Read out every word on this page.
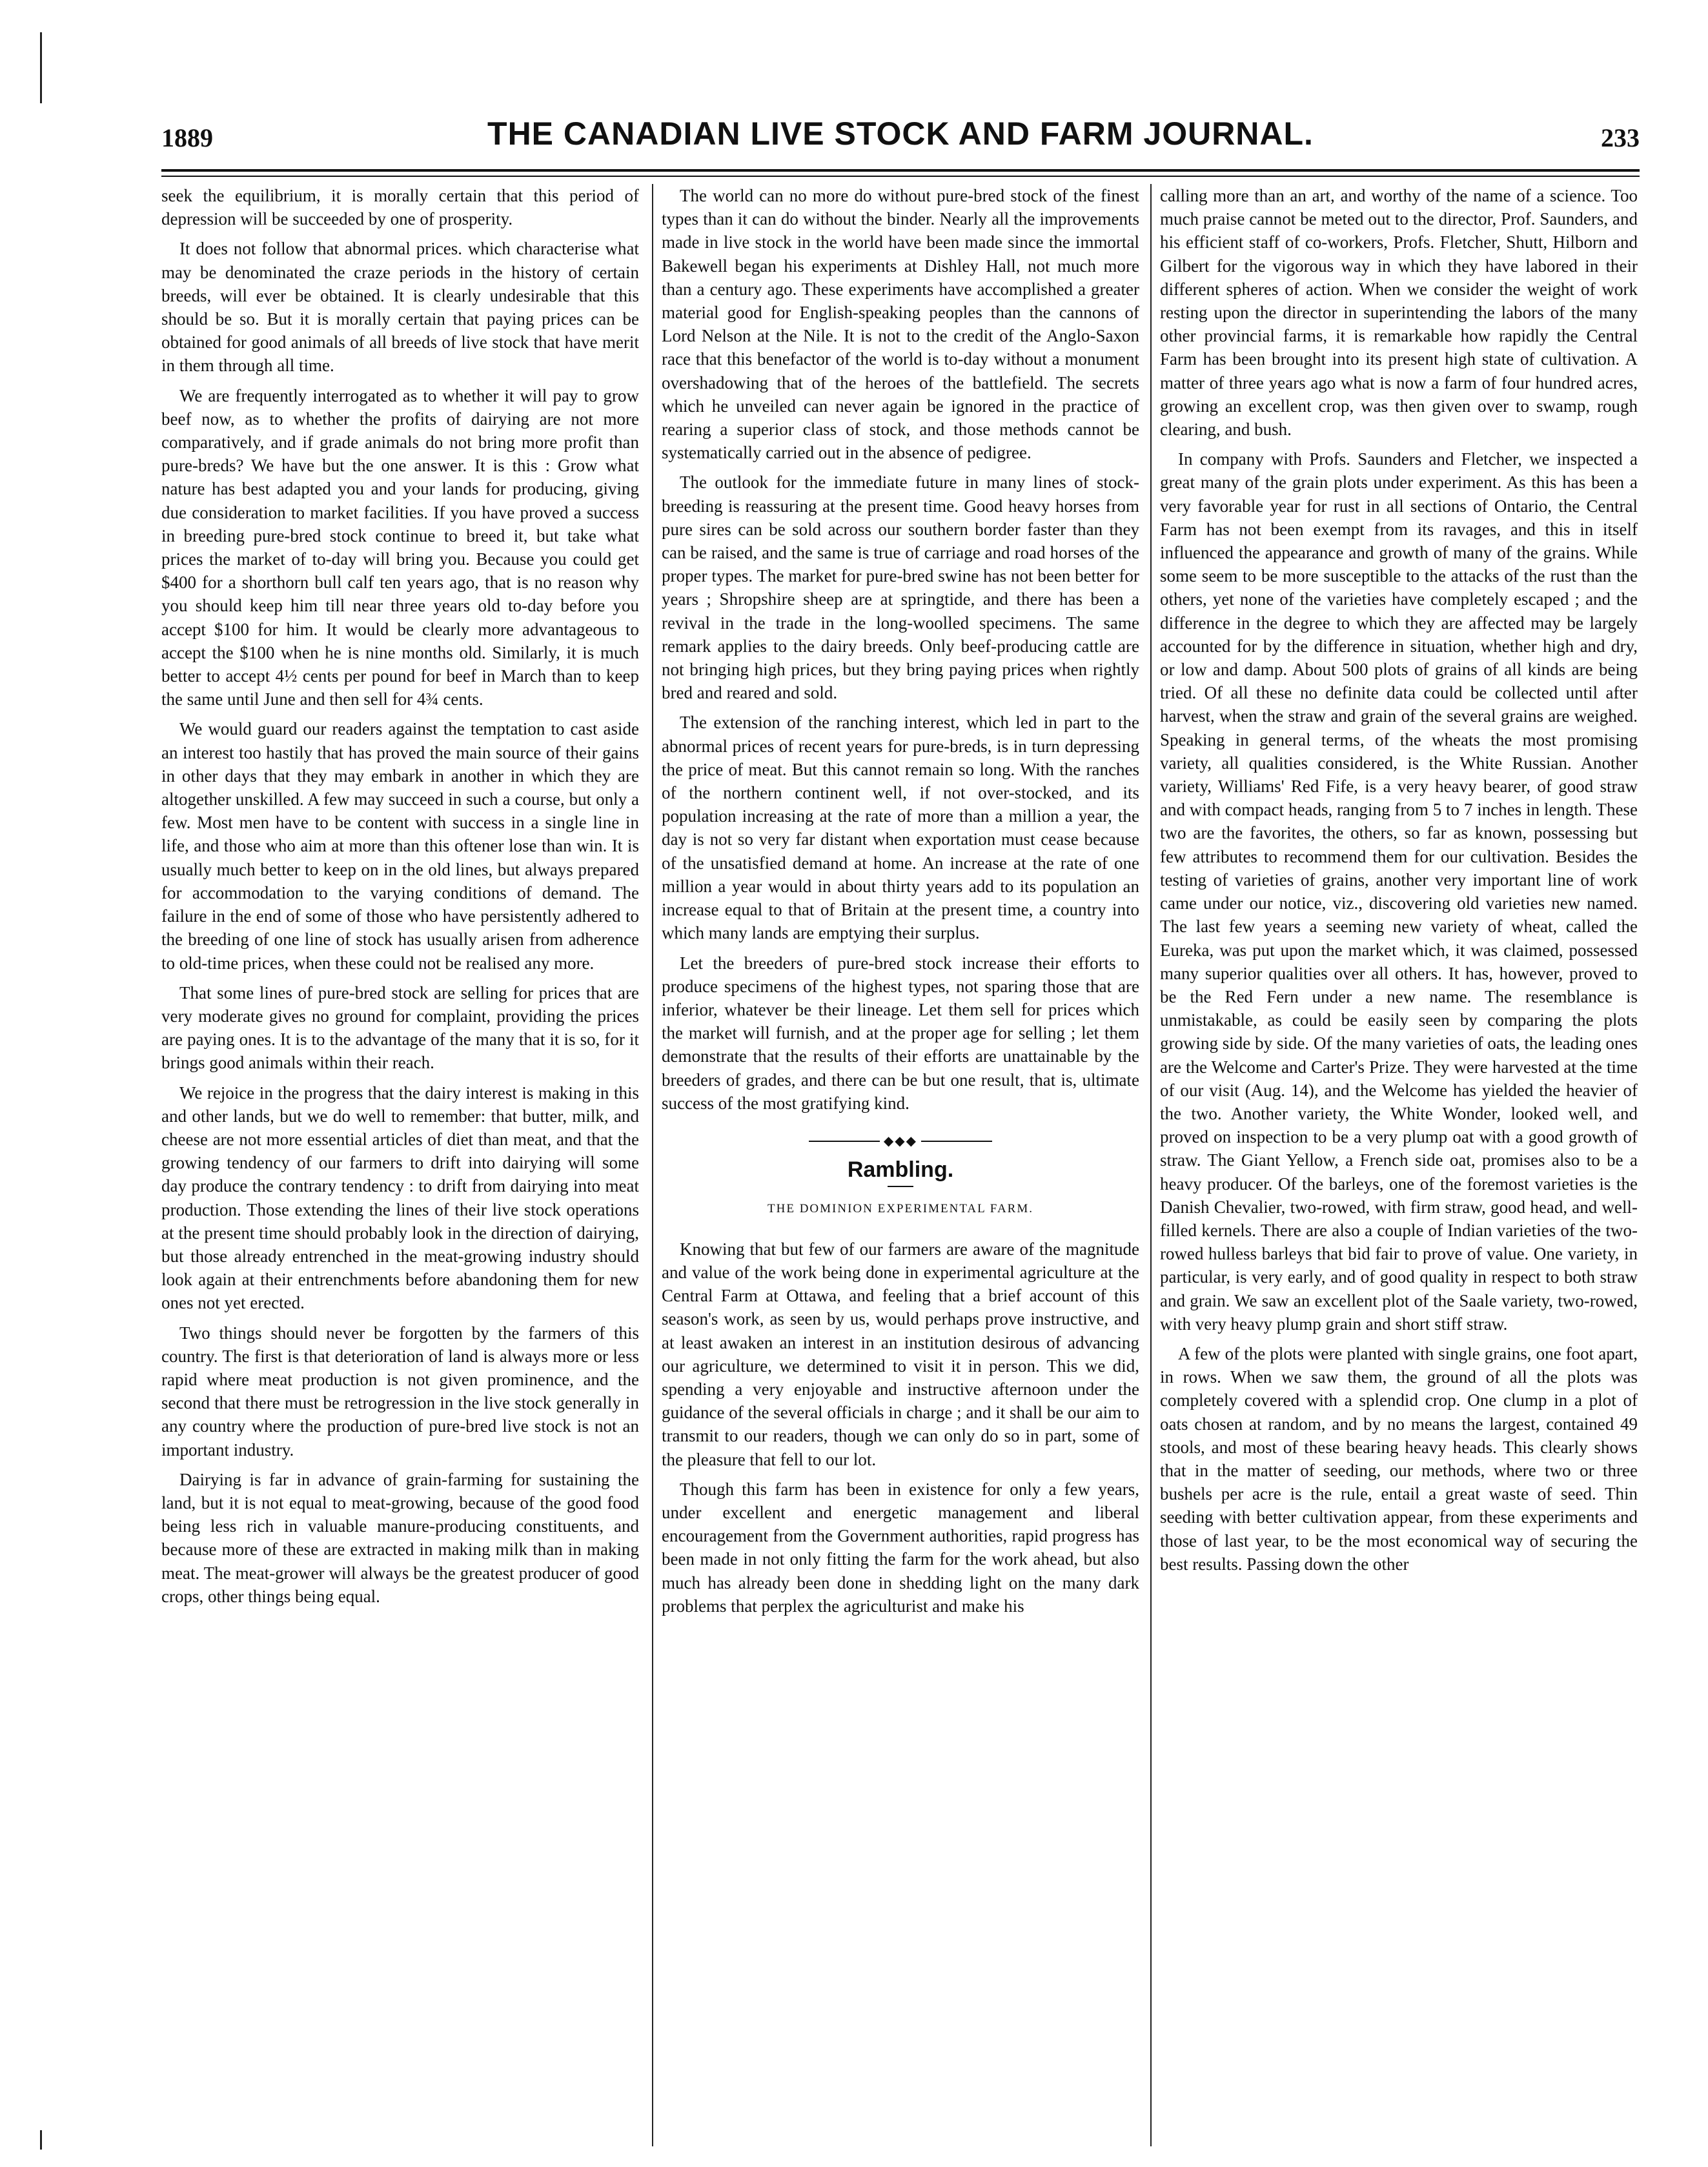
1889	THE CANADIAN LIVE STOCK AND FARM JOURNAL.	233

seek the equilibrium, it is morally certain that this period of depression will be succeeded by one of prosperity.

It does not follow that abnormal prices. which characterise what may be denominated the craze periods in the history of certain breeds, will ever be obtained. It is clearly undesirable that this should be so. But it is morally certain that paying prices can be obtained for good animals of all breeds of live stock that have merit in them through all time.

We are frequently interrogated as to whether it will pay to grow beef now, as to whether the profits of dairying are not more comparatively, and if grade animals do not bring more profit than pure-breds? We have but the one answer. It is this : Grow what nature has best adapted you and your lands for producing, giving due consideration to market facilities. If you have proved a success in breeding pure-bred stock continue to breed it, but take what prices the market of to-day will bring you. Because you could get $400 for a shorthorn bull calf ten years ago, that is no reason why you should keep him till near three years old to-day before you accept $100 for him. It would be clearly more advantageous to accept the $100 when he is nine months old. Similarly, it is much better to accept 4½ cents per pound for beef in March than to keep the same until June and then sell for 4¾ cents.

We would guard our readers against the temptation to cast aside an interest too hastily that has proved the main source of their gains in other days that they may embark in another in which they are altogether unskilled. A few may succeed in such a course, but only a few. Most men have to be content with success in a single line in life, and those who aim at more than this oftener lose than win. It is usually much better to keep on in the old lines, but always prepared for accommodation to the varying conditions of demand. The failure in the end of some of those who have persistently adhered to the breeding of one line of stock has usually arisen from adherence to old-time prices, when these could not be realised any more.

That some lines of pure-bred stock are selling for prices that are very moderate gives no ground for complaint, providing the prices are paying ones. It is to the advantage of the many that it is so, for it brings good animals within their reach.

We rejoice in the progress that the dairy interest is making in this and other lands, but we do well to remember: that butter, milk, and cheese are not more essential articles of diet than meat, and that the growing tendency of our farmers to drift into dairying will some day produce the contrary tendency : to drift from dairying into meat production. Those extending the lines of their live stock operations at the present time should probably look in the direction of dairying, but those already entrenched in the meat-growing industry should look again at their entrenchments before abandoning them for new ones not yet erected.

Two things should never be forgotten by the farmers of this country. The first is that deterioration of land is always more or less rapid where meat production is not given prominence, and the second that there must be retrogression in the live stock generally in any country where the production of pure-bred live stock is not an important industry.

Dairying is far in advance of grain-farming for sustaining the land, but it is not equal to meat-growing, because of the good food being less rich in valuable manure-producing constituents, and because more of these are extracted in making milk than in making meat. The meat-grower will always be the greatest producer of good crops, other things being equal.

The world can no more do without pure-bred stock of the finest types than it can do without the binder. Nearly all the improvements made in live stock in the world have been made since the immortal Bakewell began his experiments at Dishley Hall, not much more than a century ago. These experiments have accomplished a greater material good for English-speaking peoples than the cannons of Lord Nelson at the Nile. It is not to the credit of the Anglo-Saxon race that this benefactor of the world is to-day without a monument overshadowing that of the heroes of the battlefield. The secrets which he unveiled can never again be ignored in the practice of rearing a superior class of stock, and those methods cannot be systematically carried out in the absence of pedigree.

The outlook for the immediate future in many lines of stock-breeding is reassuring at the present time. Good heavy horses from pure sires can be sold across our southern border faster than they can be raised, and the same is true of carriage and road horses of the proper types. The market for pure-bred swine has not been better for years ; Shropshire sheep are at springtide, and there has been a revival in the trade in the long-woolled specimens. The same remark applies to the dairy breeds. Only beef-producing cattle are not bringing high prices, but they bring paying prices when rightly bred and reared and sold.

The extension of the ranching interest, which led in part to the abnormal prices of recent years for pure-breds, is in turn depressing the price of meat. But this cannot remain so long. With the ranches of the northern continent well, if not over-stocked, and its population increasing at the rate of more than a million a year, the day is not so very far distant when exportation must cease because of the unsatisfied demand at home. An increase at the rate of one million a year would in about thirty years add to its population an increase equal to that of Britain at the present time, a country into which many lands are emptying their surplus.

Let the breeders of pure-bred stock increase their efforts to produce specimens of the highest types, not sparing those that are inferior, whatever be their lineage. Let them sell for prices which the market will furnish, and at the proper age for selling ; let them demonstrate that the results of their efforts are unattainable by the breeders of grades, and there can be but one result, that is, ultimate success of the most gratifying kind.

◆◆◆
Rambling.
THE DOMINION EXPERIMENTAL FARM.

Knowing that but few of our farmers are aware of the magnitude and value of the work being done in experimental agriculture at the Central Farm at Ottawa, and feeling that a brief account of this season's work, as seen by us, would perhaps prove instructive, and at least awaken an interest in an institution desirous of advancing our agriculture, we determined to visit it in person. This we did, spending a very enjoyable and instructive afternoon under the guidance of the several officials in charge ; and it shall be our aim to transmit to our readers, though we can only do so in part, some of the pleasure that fell to our lot.

Though this farm has been in existence for only a few years, under excellent and energetic management and liberal encouragement from the Government authorities, rapid progress has been made in not only fitting the farm for the work ahead, but also much has already been done in shedding light on the many dark problems that perplex the agriculturist and make his

calling more than an art, and worthy of the name of a science. Too much praise cannot be meted out to the director, Prof. Saunders, and his efficient staff of co-workers, Profs. Fletcher, Shutt, Hilborn and Gilbert for the vigorous way in which they have labored in their different spheres of action. When we consider the weight of work resting upon the director in superintending the labors of the many other provincial farms, it is remarkable how rapidly the Central Farm has been brought into its present high state of cultivation. A matter of three years ago what is now a farm of four hundred acres, growing an excellent crop, was then given over to swamp, rough clearing, and bush.

In company with Profs. Saunders and Fletcher, we inspected a great many of the grain plots under experiment. As this has been a very favorable year for rust in all sections of Ontario, the Central Farm has not been exempt from its ravages, and this in itself influenced the appearance and growth of many of the grains. While some seem to be more susceptible to the attacks of the rust than the others, yet none of the varieties have completely escaped ; and the difference in the degree to which they are affected may be largely accounted for by the difference in situation, whether high and dry, or low and damp. About 500 plots of grains of all kinds are being tried. Of all these no definite data could be collected until after harvest, when the straw and grain of the several grains are weighed. Speaking in general terms, of the wheats the most promising variety, all qualities considered, is the White Russian. Another variety, Williams' Red Fife, is a very heavy bearer, of good straw and with compact heads, ranging from 5 to 7 inches in length. These two are the favorites, the others, so far as known, possessing but few attributes to recommend them for our cultivation. Besides the testing of varieties of grains, another very important line of work came under our notice, viz., discovering old varieties new named. The last few years a seeming new variety of wheat, called the Eureka, was put upon the market which, it was claimed, possessed many superior qualities over all others. It has, however, proved to be the Red Fern under a new name. The resemblance is unmistakable, as could be easily seen by comparing the plots growing side by side. Of the many varieties of oats, the leading ones are the Welcome and Carter's Prize. They were harvested at the time of our visit (Aug. 14), and the Welcome has yielded the heavier of the two. Another variety, the White Wonder, looked well, and proved on inspection to be a very plump oat with a good growth of straw. The Giant Yellow, a French side oat, promises also to be a heavy producer. Of the barleys, one of the foremost varieties is the Danish Chevalier, two-rowed, with firm straw, good head, and well-filled kernels. There are also a couple of Indian varieties of the two-rowed hulless barleys that bid fair to prove of value. One variety, in particular, is very early, and of good quality in respect to both straw and grain. We saw an excellent plot of the Saale variety, two-rowed, with very heavy plump grain and short stiff straw.

A few of the plots were planted with single grains, one foot apart, in rows. When we saw them, the ground of all the plots was completely covered with a splendid crop. One clump in a plot of oats chosen at random, and by no means the largest, contained 49 stools, and most of these bearing heavy heads. This clearly shows that in the matter of seeding, our methods, where two or three bushels per acre is the rule, entail a great waste of seed. Thin seeding with better cultivation appear, from these experiments and those of last year, to be the most economical way of securing the best results. Passing down the other
